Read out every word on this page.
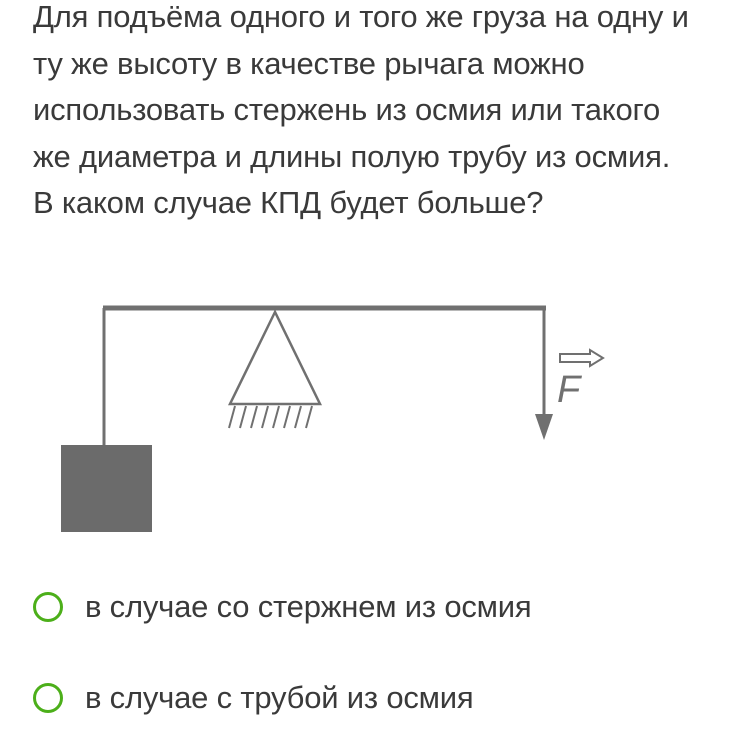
Для подъёма одного и того же груза на одну и
ту же высоту в качестве рычага можно
использовать стержень из осмия или такого
же диаметра и длины полую трубу из осмия.
В каком случае КПД будет больше?
F
в случае со стержнем из осмия
в случае с трубой из осмия
